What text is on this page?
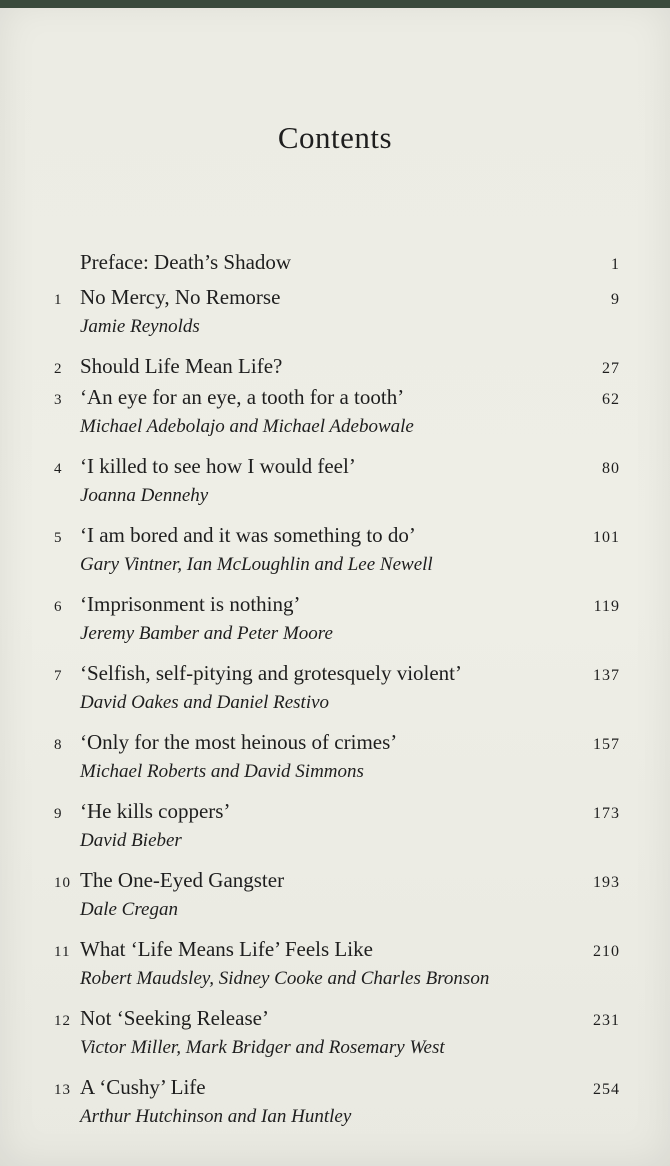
Contents
Preface: Death’s Shadow	1
1 No Mercy, No Remorse	9
Jamie Reynolds
2 Should Life Mean Life?	27
3 ‘An eye for an eye, a tooth for a tooth’	62
Michael Adebolajo and Michael Adebowale
4 ‘I killed to see how I would feel’	80
Joanna Dennehy
5 ‘I am bored and it was something to do’	101
Gary Vintner, Ian McLoughlin and Lee Newell
6 ‘Imprisonment is nothing’	119
Jeremy Bamber and Peter Moore
7 ‘Selfish, self-pitying and grotesquely violent’	137
David Oakes and Daniel Restivo
8 ‘Only for the most heinous of crimes’	157
Michael Roberts and David Simmons
9 ‘He kills coppers’	173
David Bieber
10 The One-Eyed Gangster	193
Dale Cregan
11 What ‘Life Means Life’ Feels Like	210
Robert Maudsley, Sidney Cooke and Charles Bronson
12 Not ‘Seeking Release’	231
Victor Miller, Mark Bridger and Rosemary West
13 A ‘Cushy’ Life	254
Arthur Hutchinson and Ian Huntley
